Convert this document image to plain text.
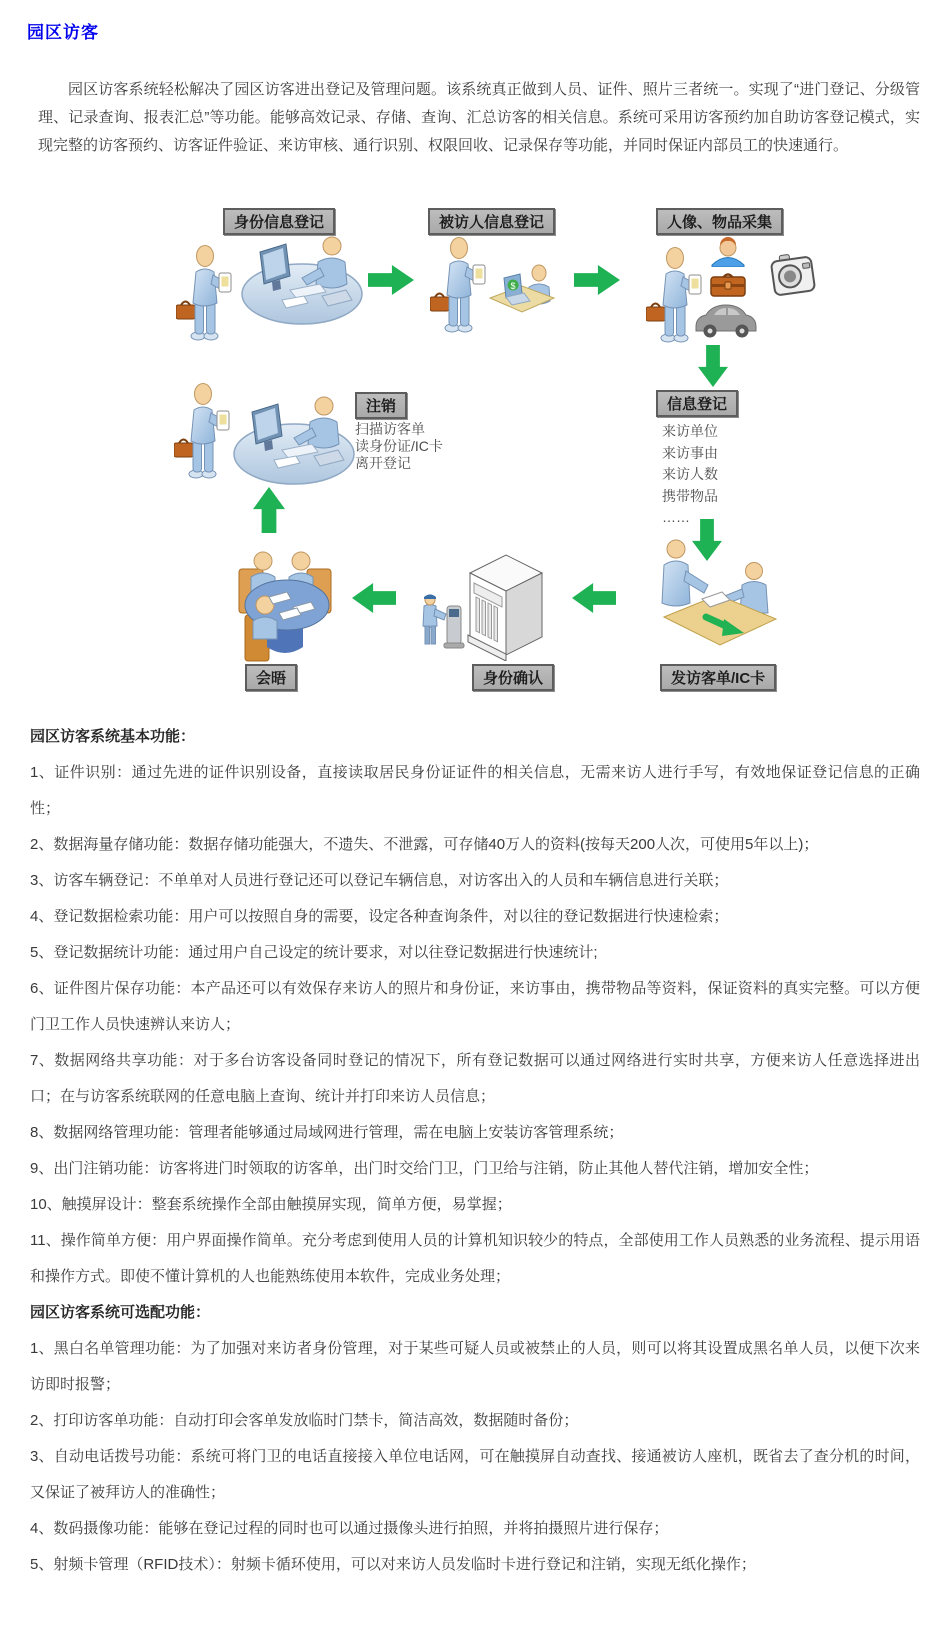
园区访客

园区访客系统轻松解决了园区访客进出登记及管理问题。该系统真正做到人员、证件、照片三者统一。实现了“进门登记、分级管理、记录查询、报表汇总”等功能。能够高效记录、存储、查询、汇总访客的相关信息。系统可采用访客预约加自助访客登记模式，实现完整的访客预约、访客证件验证、来访审核、通行识别、权限回收、记录保存等功能，并同时保证内部员工的快速通行。

身份信息登记	被访人信息登记	人像、物品采集
$
注销
扫描访客单
读身份证/IC卡
离开登记
信息登记
来访单位
来访事由
来访人数
携带物品
……
会晤	身份确认	发访客单/IC卡

园区访客系统基本功能：

1、证件识别：通过先进的证件识别设备，直接读取居民身份证证件的相关信息，无需来访人进行手写，有效地保证登记信息的正确性；

2、数据海量存储功能：数据存储功能强大，不遗失、不泄露，可存储40万人的资料(按每天200人次，可使用5年以上)；

3、访客车辆登记：不单单对人员进行登记还可以登记车辆信息，对访客出入的人员和车辆信息进行关联；

4、登记数据检索功能：用户可以按照自身的需要，设定各种查询条件，对以往的登记数据进行快速检索；

5、登记数据统计功能：通过用户自己设定的统计要求，对以往登记数据进行快速统计;

6、证件图片保存功能：本产品还可以有效保存来访人的照片和身份证，来访事由，携带物品等资料，保证资料的真实完整。可以方便门卫工作人员快速辨认来访人；

7、数据网络共享功能：对于多台访客设备同时登记的情况下，所有登记数据可以通过网络进行实时共享，方便来访人任意选择进出口；在与访客系统联网的任意电脑上查询、统计并打印来访人员信息；

8、数据网络管理功能：管理者能够通过局域网进行管理，需在电脑上安装访客管理系统；

9、出门注销功能：访客将进门时领取的访客单，出门时交给门卫，门卫给与注销，防止其他人替代注销，增加安全性；

10、触摸屏设计：整套系统操作全部由触摸屏实现，简单方便，易掌握；

11、操作简单方便：用户界面操作简单。充分考虑到使用人员的计算机知识较少的特点，全部使用工作人员熟悉的业务流程、提示用语和操作方式。即使不懂计算机的人也能熟练使用本软件，完成业务处理；

园区访客系统可选配功能：

1、黑白名单管理功能：为了加强对来访者身份管理，对于某些可疑人员或被禁止的人员，则可以将其设置成黑名单人员，以便下次来访即时报警；

2、打印访客单功能：自动打印会客单发放临时门禁卡，简洁高效，数据随时备份；

3、自动电话拨号功能：系统可将门卫的电话直接接入单位电话网，可在触摸屏自动查找、接通被访人座机，既省去了查分机的时间，又保证了被拜访人的准确性；

4、数码摄像功能：能够在登记过程的同时也可以通过摄像头进行拍照，并将拍摄照片进行保存；

5、射频卡管理（RFID技术）：射频卡循环使用，可以对来访人员发临时卡进行登记和注销，实现无纸化操作；
